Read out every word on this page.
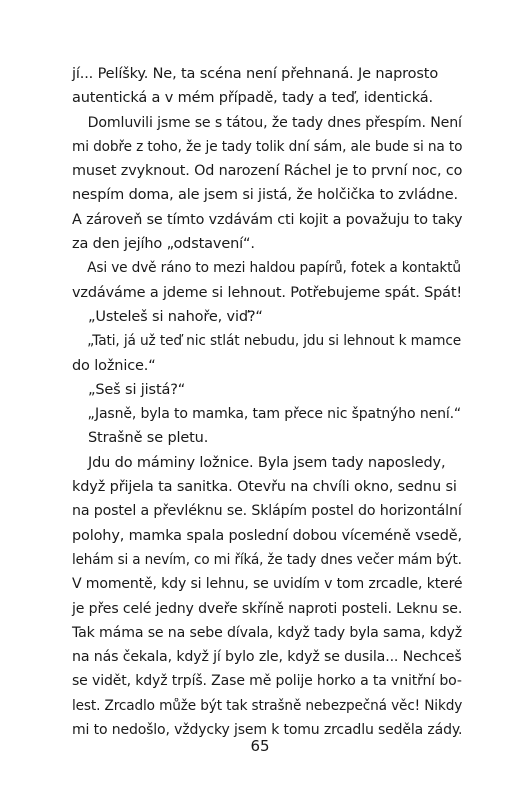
jí... Pelíšky. Ne, ta scéna není přehnaná. Je naprosto
autentická a v mém případě, tady a teď, identická.
Domluvili jsme se s tátou, že tady dnes přespím. Není
mi dobře z toho, že je tady tolik dní sám, ale bude si na to
muset zvyknout. Od narození Ráchel je to první noc, co
nespím doma, ale jsem si jistá, že holčička to zvládne.
A zároveň se tímto vzdávám cti kojit a považuju to taky
za den jejího „odstavení“.
Asi ve dvě ráno to mezi haldou papírů, fotek a kontaktů
vzdáváme a jdeme si lehnout. Potřebujeme spát. Spát!
„Usteleš si nahoře, viď?“
„Tati, já už teď nic stlát nebudu, jdu si lehnout k mamce
do ložnice.“
„Seš si jistá?“
„Jasně, byla to mamka, tam přece nic špatnýho není.“
Strašně se pletu.
Jdu do máminy ložnice. Byla jsem tady naposledy,
když přijela ta sanitka. Otevřu na chvíli okno, sednu si
na postel a převléknu se. Sklápím postel do horizontální
polohy, mamka spala poslední dobou víceméně vsedě,
lehám si a nevím, co mi říká, že tady dnes večer mám být.
V momentě, kdy si lehnu, se uvidím v tom zrcadle, které
je přes celé jedny dveře skříně naproti posteli. Leknu se.
Tak máma se na sebe dívala, když tady byla sama, když
na nás čekala, když jí bylo zle, když se dusila... Nechceš
se vidět, když trpíš. Zase mě polije horko a ta vnitřní bo-
lest. Zrcadlo může být tak strašně nebezpečná věc! Nikdy
mi to nedošlo, vždycky jsem k tomu zrcadlu seděla zády.
65
